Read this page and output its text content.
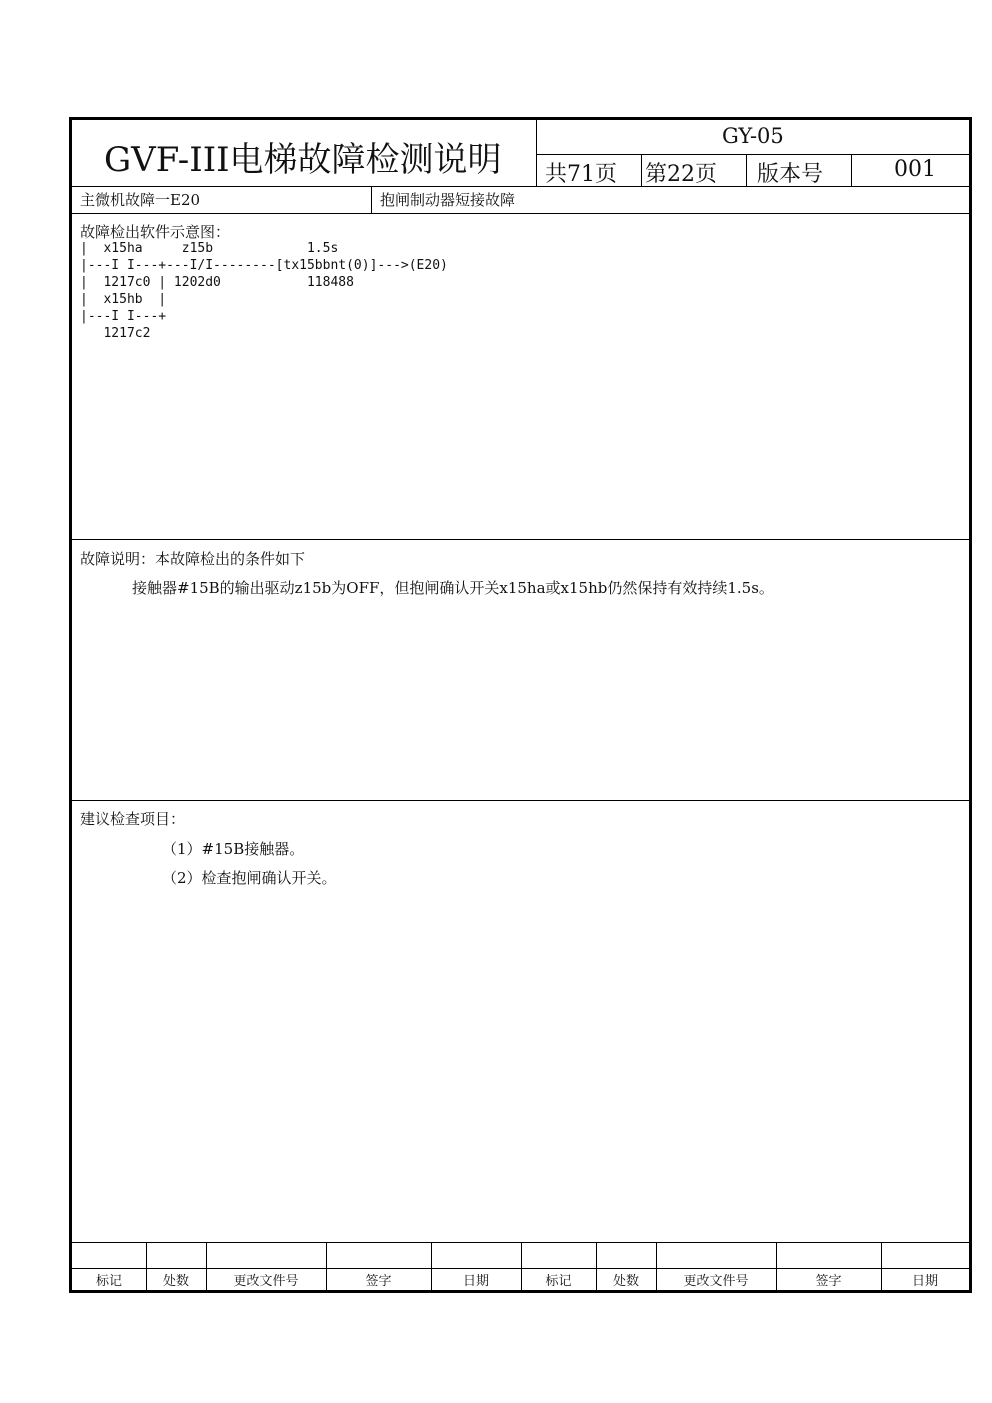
GVF-III电梯故障检测说明
GY-05
共71页 第22页 版本号	001
主微机故障一E20	抱闸制动器短接故障
故障检出软件示意图：
|  x15ha     z15b            1.5s
|---I I---+---I/I--------[tx15bbnt(0)]--->(E20)
|  1217c0 | 1202d0           118488
|  x15hb  |
|---I I---+
1217c2
故障说明：本故障检出的条件如下
接触器#15B的输出驱动z15b为OFF，但抱闸确认开关x15ha或x15hb仍然保持有效持续1.5s。
建议检查项目：
（1）#15B接触器。
（2）检查抱闸确认开关。
标记	处数	更改文件号	签字	日期	标记	处数	更改文件号	签字	日期
